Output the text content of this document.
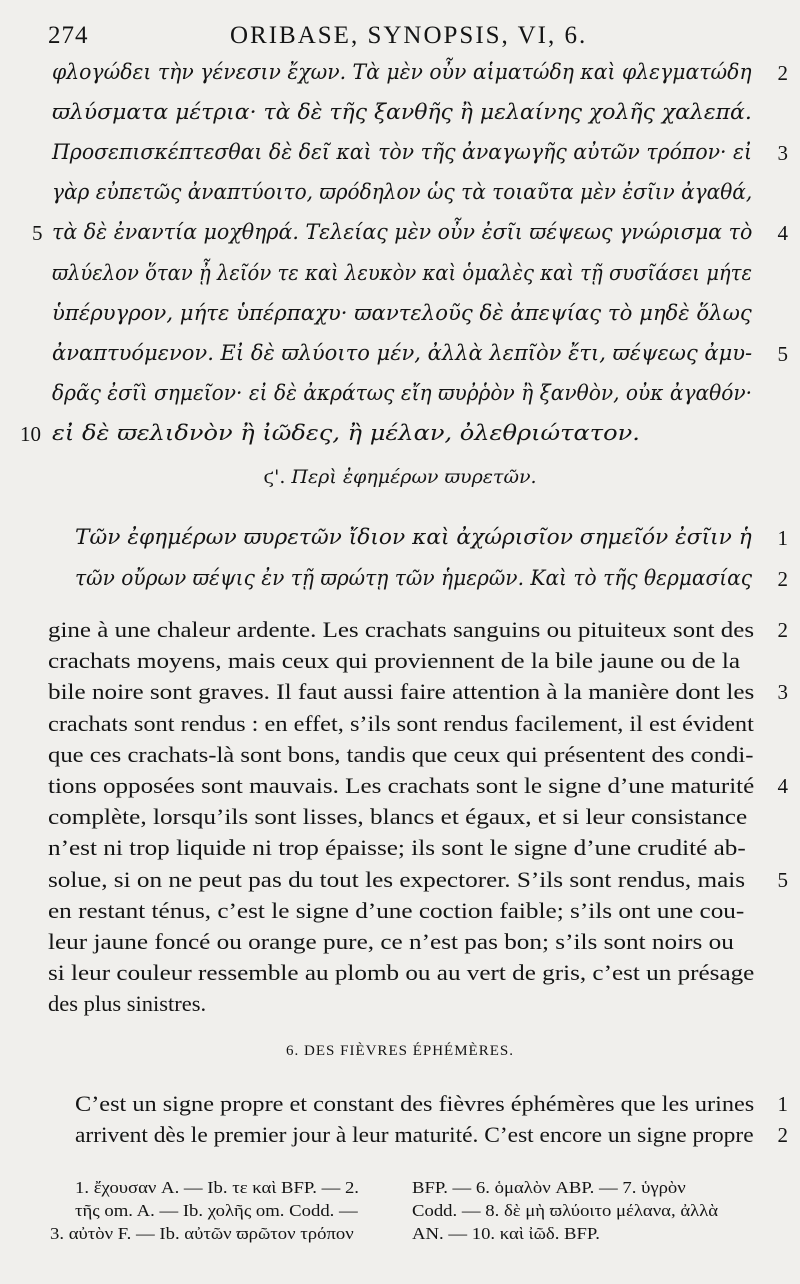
274	ORIBASE, SYNOPSIS, VI, 6.
φλογώδει τὴν γένεσιν ἔχων. Τὰ μὲν οὖν αἱματώδη καὶ φλεγματώδη 2
ϖλύσματα μέτρια· τὰ δὲ τῆς ξανθῆς ἢ μελαίνης χολῆς χαλεπά.
Προσεπισκέπτεσθαι δὲ δεῖ καὶ τὸν τῆς ἀναγωγῆς αὐτῶν τρόπον· εἰ 3
γὰρ εὐπετῶς ἀναπτύοιτο, ϖρόδηλον ὡς τὰ τοιαῦτα μὲν ἐσῖιν ἀγαθά,
τὰ δὲ ἐναντία μοχθηρά. Τελείας μὲν οὖν ἐσῖι ϖέψεως γνώρισμα τὸ 4
5
ϖλύελον ὅταν ᾖ λεῖόν τε καὶ λευκὸν καὶ ὁμαλὲς καὶ τῇ συσῖάσει μήτε
ὑπέρυγρον, μήτε ὑπέρπαχυ· ϖαντελοῦς δὲ ἀπεψίας τὸ μηδὲ ὅλως
ἀναπτυόμενον. Εἰ δὲ ϖλύοιτο μέν, ἀλλὰ λεπῖὸν ἔτι, ϖέψεως ἀμυ- 5
δρᾶς ἐσῖὶ σημεῖον· εἰ δὲ ἀκράτως εἴη ϖυῤῥὸν ἢ ξανθὸν, οὐκ ἀγαθόν·
εἰ δὲ ϖελιδνὸν ἢ ἰῶδες, ἢ μέλαν, ὀλεθριώτατον.
10
ϛ'. Περὶ ἐφημέρων ϖυρετῶν.
Τῶν ἐφημέρων ϖυρετῶν ἴδιον καὶ ἀχώρισῖον σημεῖόν ἐσῖιν ἡ 1
τῶν οὔρων ϖέψις ἐν τῇ ϖρώτῃ τῶν ἡμερῶν. Καὶ τὸ τῆς θερμασίας 2
gine à une chaleur ardente. Les crachats sanguins ou pituiteux sont des 2
crachats moyens, mais ceux qui proviennent de la bile jaune ou de la
bile noire sont graves. Il faut aussi faire attention à la manière dont les 3
crachats sont rendus : en effet, s’ils sont rendus facilement, il est évident
que ces crachats-là sont bons, tandis que ceux qui présentent des condi-
tions opposées sont mauvais. Les crachats sont le signe d’une maturité 4
complète, lorsqu’ils sont lisses, blancs et égaux, et si leur consistance
n’est ni trop liquide ni trop épaisse; ils sont le signe d’une crudité ab-
solue, si on ne peut pas du tout les expectorer. S’ils sont rendus, mais 5
en restant ténus, c’est le signe d’une coction faible; s’ils ont une cou-
leur jaune foncé ou orange pure, ce n’est pas bon; s’ils sont noirs ou
si leur couleur ressemble au plomb ou au vert de gris, c’est un présage
des plus sinistres.
6. DES FIÈVRES ÉPHÉMÈRES.
C’est un signe propre et constant des fièvres éphémères que les urines 1
arrivent dès le premier jour à leur maturité. C’est encore un signe propre 2
1. ἔχουσαν A. — Ib. τε καὶ BFP. — 2.
τῆς om. A. — Ib. χολῆς om. Codd. —
3. αὐτὸν F. — Ib. αὐτῶν ϖρῶτον τρόπον
BFP. — 6. ὁμαλὸν ABP. — 7. ὑγρὸν
Codd. — 8. δὲ μὴ ϖλύοιτο μέλανα, ἀλλὰ
AN. — 10. καὶ ἰῶδ. BFP.
